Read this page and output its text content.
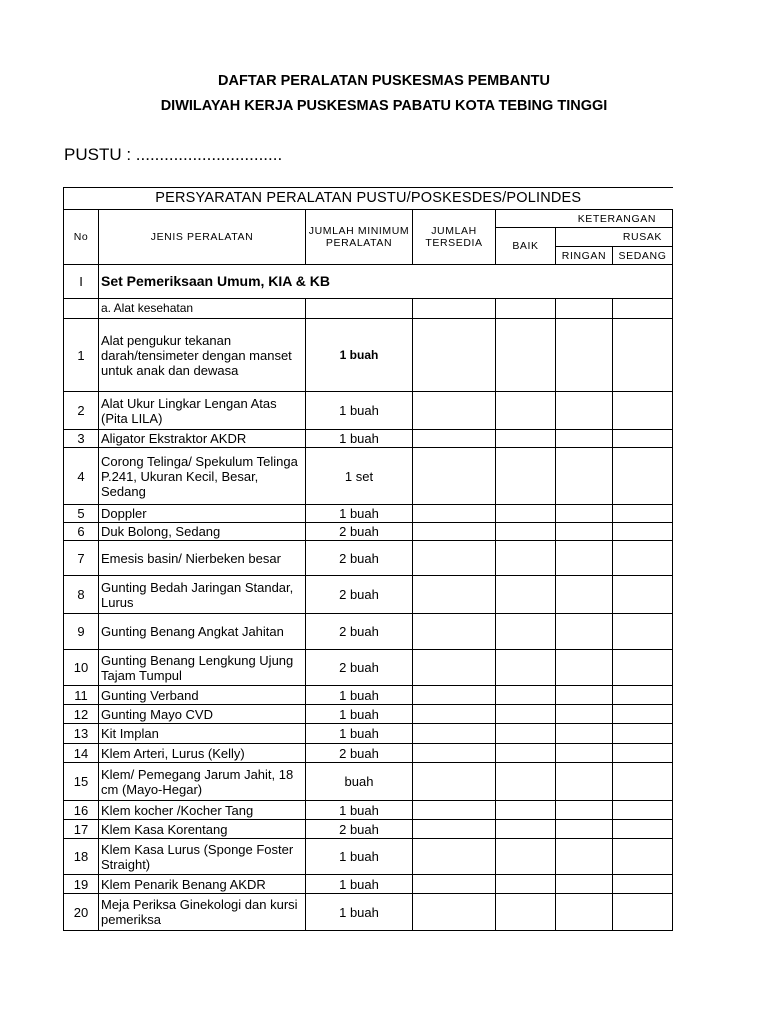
DAFTAR PERALATAN PUSKESMAS PEMBANTU
DIWILAYAH KERJA PUSKESMAS PABATU KOTA TEBING TINGGI
PUSTU : ...............................
PERSYARATAN PERALATAN PUSTU/POSKESDES/POLINDES						
No	JENIS PERALATAN	JUMLAH MINIMUM PERALATAN	JUMLAH TERSEDIA	KETERANGAN		
				BAIK	RUSAK	
					RINGAN	SEDANG
I	Set Pemeriksaan Umum, KIA & KB					
	a. Alat kesehatan					
1	Alat pengukur tekanan darah/tensimeter dengan manset untuk anak dan dewasa	1 buah				
2	Alat Ukur Lingkar Lengan Atas (Pita LILA)	1 buah				
3	Aligator Ekstraktor AKDR	1 buah				
4	Corong Telinga/ Spekulum Telinga P.241, Ukuran Kecil, Besar, Sedang	1 set				
5	Doppler	1 buah				
6	Duk Bolong, Sedang	2 buah				
7	Emesis basin/ Nierbeken besar	2 buah				
8	Gunting Bedah Jaringan Standar, Lurus	2 buah				
9	Gunting Benang Angkat Jahitan	2 buah				
10	Gunting Benang Lengkung Ujung Tajam Tumpul	2 buah				
11	Gunting Verband	1 buah				
12	Gunting Mayo CVD	1 buah				
13	Kit Implan	1 buah				
14	Klem Arteri, Lurus (Kelly)	2 buah				
15	Klem/ Pemegang Jarum Jahit, 18 cm (Mayo-Hegar)	buah				
16	Klem kocher /Kocher Tang	1 buah				
17	Klem Kasa Korentang	2 buah				
18	Klem Kasa Lurus (Sponge Foster Straight)	1 buah				
19	Klem Penarik Benang AKDR	1 buah				
20	Meja Periksa Ginekologi dan kursi pemeriksa	1 buah				
